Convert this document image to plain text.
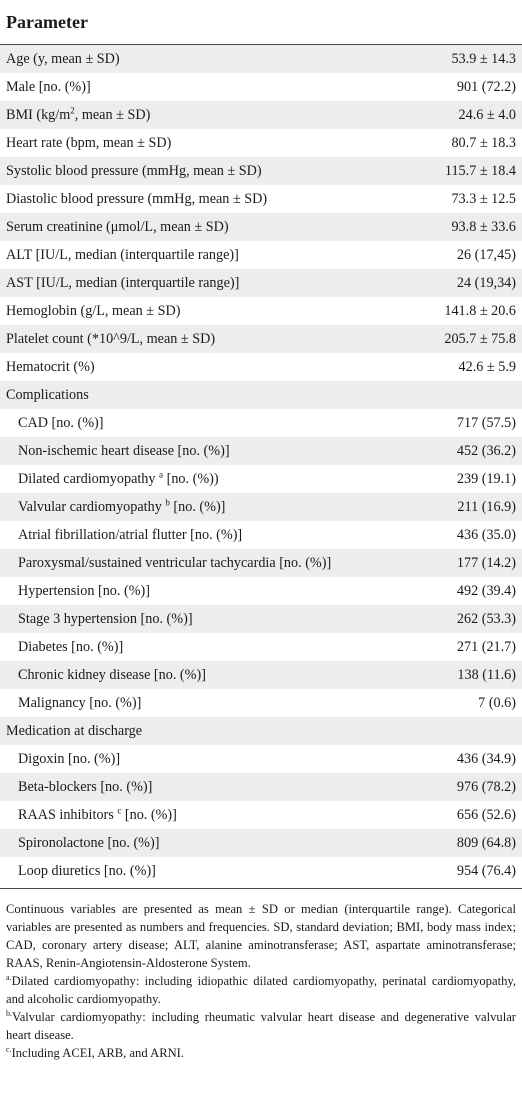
Parameter
Age (y, mean ± SD)	53.9 ± 14.3
Male [no. (%)]	901 (72.2)
BMI ($kg/m^2$, mean ± SD)	24.6 ± 4.0
Heart rate (bpm, mean ± SD)	80.7 ± 18.3
Systolic blood pressure (mmHg, mean ± SD)	115.7 ± 18.4
Diastolic blood pressure (mmHg, mean ± SD)	73.3 ± 12.5
Serum creatinine (μmol/L, mean ± SD)	93.8 ± 33.6
ALT [IU/L, median (interquartile range)]	26 (17,45)
AST [IU/L, median (interquartile range)]	24 (19,34)
Hemoglobin (g/L, mean ± SD)	141.8 ± 20.6
Platelet count (*10^9/L, mean ± SD)	205.7 ± 75.8
Hematocrit (%)	42.6 ± 5.9
Complications
CAD [no. (%)]	717 (57.5)
Non-ischemic heart disease [no. (%)]	452 (36.2)
Dilated cardiomyopathy $^a$ [no. (%))	239 (19.1)
Valvular cardiomyopathy $^b$ [no. (%)]	211 (16.9)
Atrial fibrillation/atrial flutter [no. (%)]	436 (35.0)
Paroxysmal/sustained ventricular tachycardia [no. (%)]	177 (14.2)
Hypertension [no. (%)]	492 (39.4)
Stage 3 hypertension [no. (%)]	262 (53.3)
Diabetes [no. (%)]	271 (21.7)
Chronic kidney disease [no. (%)]	138 (11.6)
Malignancy [no. (%)]	7 (0.6)
Medication at discharge
Digoxin [no. (%)]	436 (34.9)
Beta-blockers [no. (%)]	976 (78.2)
RAAS inhibitors $^c$ [no. (%)]	656 (52.6)
Spironolactone [no. (%)]	809 (64.8)
Loop diuretics [no. (%)]	954 (76.4)

Continuous variables are presented as mean ± SD or median (interquartile range). Categorical variables are presented as numbers and frequencies. SD, standard deviation; BMI, body mass index; CAD, coronary artery disease; ALT, alanine aminotransferase; AST, aspartate aminotransferase; RAAS, Renin-Angiotensin-Aldosterone System.

$^{a.}$Dilated cardiomyopathy: including idiopathic dilated cardiomyopathy, perinatal cardiomyopathy, and alcoholic cardiomyopathy.

$^{b.}$Valvular cardiomyopathy: including rheumatic valvular heart disease and degenerative valvular heart disease.

$^{c.}$Including ACEI, ARB, and ARNI.
